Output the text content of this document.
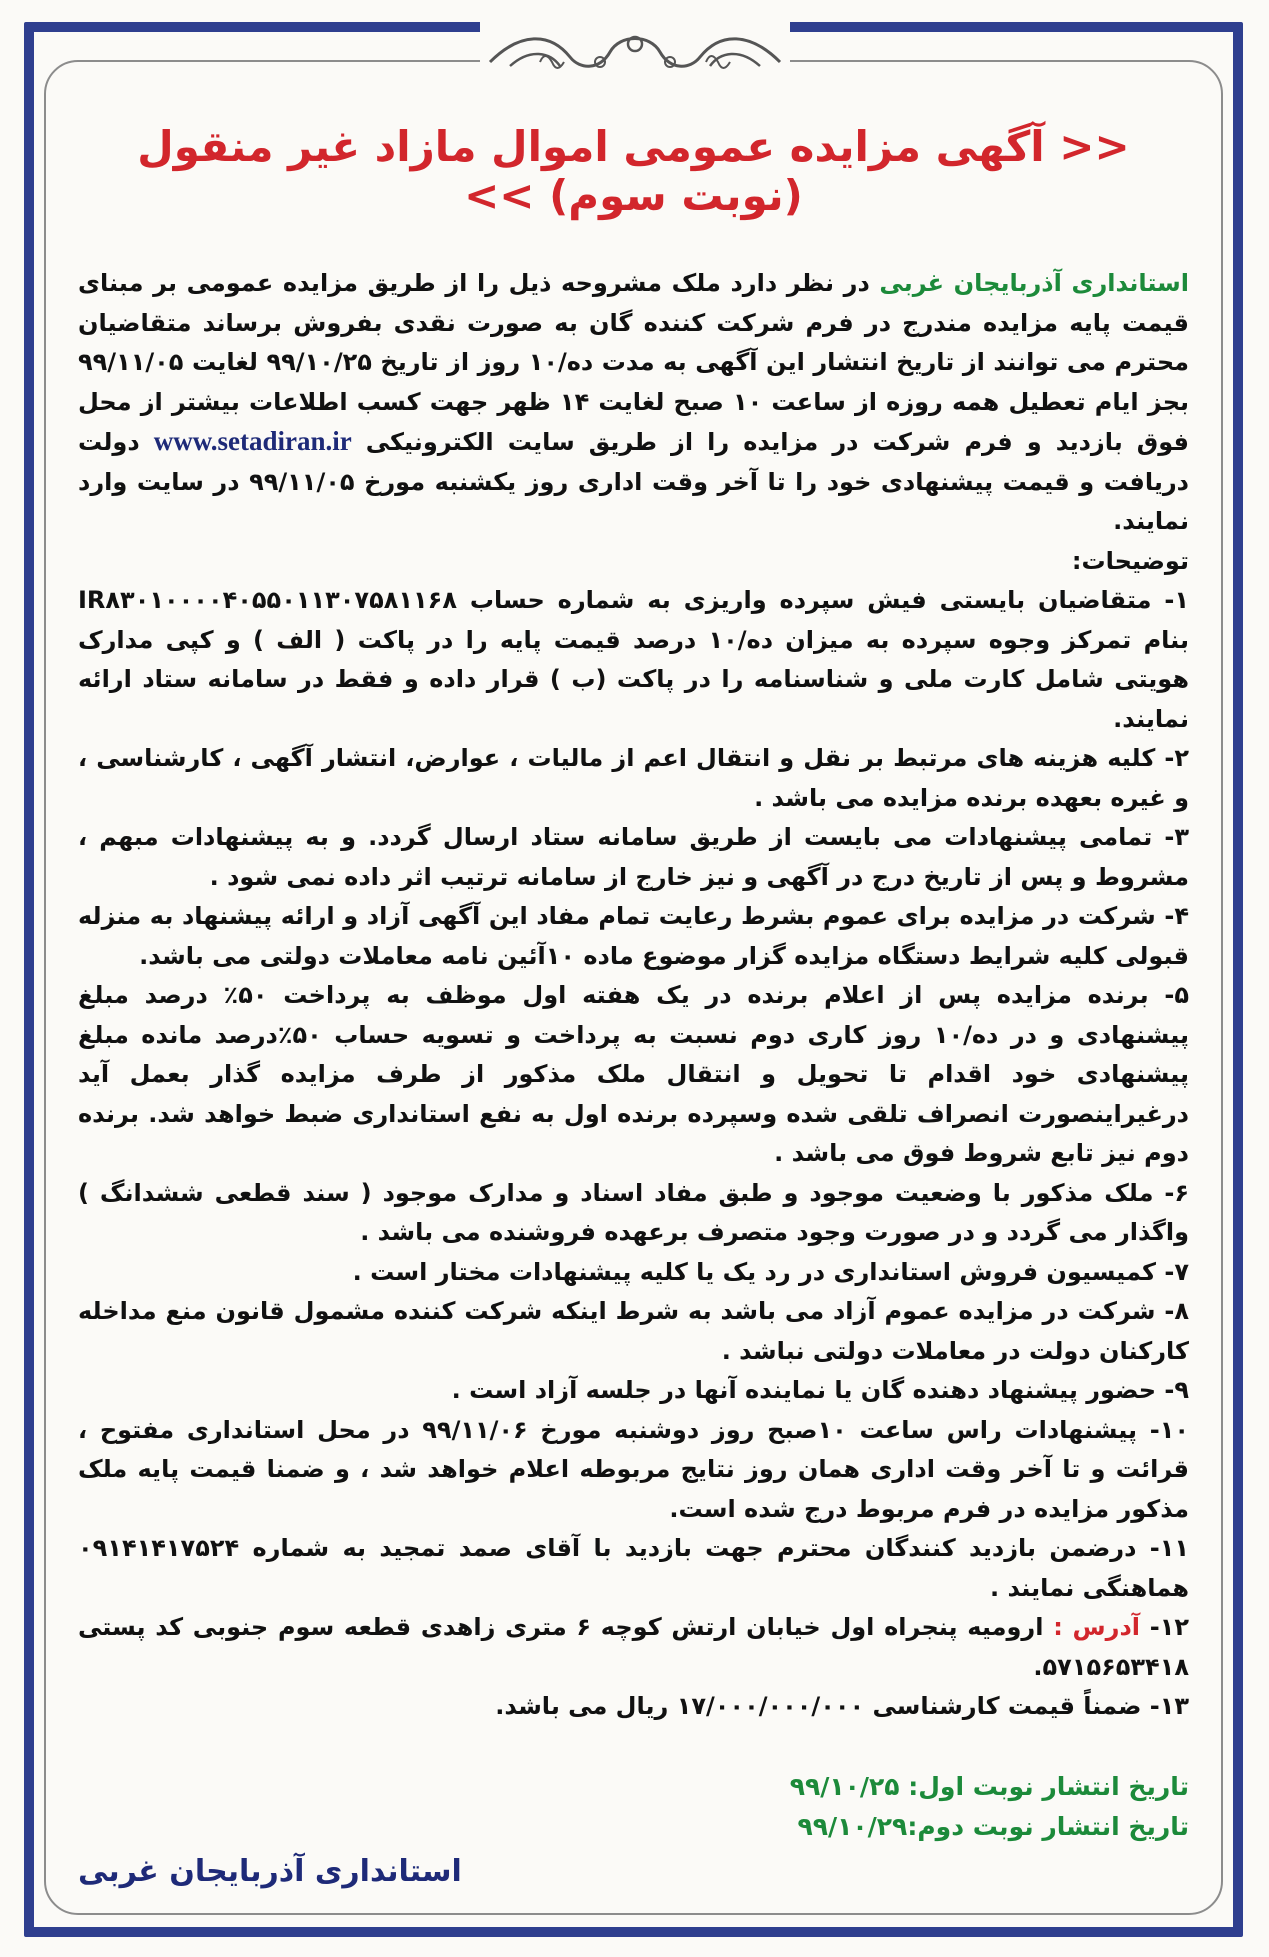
<< آگهی مزایده عمومی اموال مازاد غیر منقول (نوبت سوم) >>

استانداری آذربایجان غربی در نظر دارد ملک مشروحه ذیل را از طریق مزایده عمومی بر مبنای قیمت پایه مزایده مندرج در فرم شرکت کننده گان به صورت نقدی بفروش برساند متقاضیان محترم می توانند از تاریخ انتشار این آگهی به مدت ده/۱۰ روز از تاریخ ۹۹/۱۰/۲۵ لغایت ۹۹/۱۱/۰۵ بجز ایام تعطیل همه روزه از ساعت ۱۰ صبح لغایت ۱۴ ظهر جهت کسب اطلاعات بیشتر از محل فوق بازدید و فرم شرکت در مزایده را از طریق سایت الکترونیکی www.setadiran.ir دولت دریافت و قیمت پیشنهادی خود را تا آخر وقت اداری روز یکشنبه مورخ ۹۹/۱۱/۰۵ در سایت وارد نمایند.

توضیحات:

۱- متقاضیان بایستی فیش سپرده واریزی به شماره حساب IR۸۳۰۱۰۰۰۰۴۰۵۵۰۱۱۳۰۷۵۸۱۱۶۸ بنام تمرکز وجوه سپرده به میزان ده/۱۰ درصد قیمت پایه را در پاکت ( الف ) و کپی مدارک هویتی شامل کارت ملی و شناسنامه را در پاکت (ب ) قرار داده و فقط در سامانه ستاد ارائه نمایند.

۲- کلیه هزینه های مرتبط بر نقل و انتقال اعم از مالیات ، عوارض، انتشار آگهی ، کارشناسی ، و غیره بعهده برنده مزایده می باشد .

۳- تمامی پیشنهادات می بایست از طریق سامانه ستاد ارسال گردد. و به پیشنهادات مبهم ، مشروط و پس از تاریخ درج در آگهی و نیز خارج از سامانه ترتیب اثر داده نمی شود .

۴- شرکت در مزایده برای عموم بشرط رعایت تمام مفاد این آگهی آزاد و ارائه پیشنهاد به منزله قبولی کلیه شرایط دستگاه مزایده گزار موضوع ماده ۱۰آئین نامه معاملات دولتی می باشد.

۵- برنده مزایده پس از اعلام برنده در یک هفته اول موظف به پرداخت ۵۰٪ درصد مبلغ پیشنهادی و در ده/۱۰ روز کاری دوم نسبت به پرداخت و تسویه حساب ۵۰٪درصد مانده مبلغ پیشنهادی خود اقدام تا تحویل و انتقال ملک مذکور از طرف مزایده گذار بعمل آید درغیراینصورت انصراف تلقی شده وسپرده برنده اول به نفع استانداری ضبط خواهد شد. برنده دوم نیز تابع شروط فوق می باشد .

۶- ملک مذکور با وضعیت موجود و طبق مفاد اسناد و مدارک موجود ( سند قطعی ششدانگ ) واگذار می گردد و در صورت وجود متصرف برعهده فروشنده می باشد .

۷- کمیسیون فروش استانداری در رد یک یا کلیه پیشنهادات مختار است .

۸- شرکت در مزایده عموم آزاد می باشد به شرط اینکه شرکت کننده مشمول قانون منع مداخله کارکنان دولت در معاملات دولتی نباشد .

۹- حضور پیشنهاد دهنده گان یا نماینده آنها در جلسه آزاد است .

۱۰- پیشنهادات راس ساعت ۱۰صبح روز دوشنبه مورخ ۹۹/۱۱/۰۶ در محل استانداری مفتوح ، قرائت و تا آخر وقت اداری همان روز نتایج مربوطه اعلام خواهد شد ، و ضمنا قیمت پایه ملک مذکور مزایده در فرم مربوط درج شده است.

۱۱- درضمن بازدید کنندگان محترم جهت بازدید با آقای صمد تمجید به شماره ۰۹۱۴۱۴۱۷۵۲۴ هماهنگی نمایند .

۱۲- آدرس : ارومیه پنجراه اول خیابان ارتش کوچه ۶ متری زاهدی قطعه سوم جنوبی کد پستی ۵۷۱۵۶۵۳۴۱۸.

۱۳- ضمناً قیمت کارشناسی ۱۷/۰۰۰/۰۰۰/۰۰۰ ریال می باشد.

تاریخ انتشار نوبت اول: ۹۹/۱۰/۲۵

تاریخ انتشار نوبت دوم:۹۹/۱۰/۲۹

استانداری آذربایجان غربی
